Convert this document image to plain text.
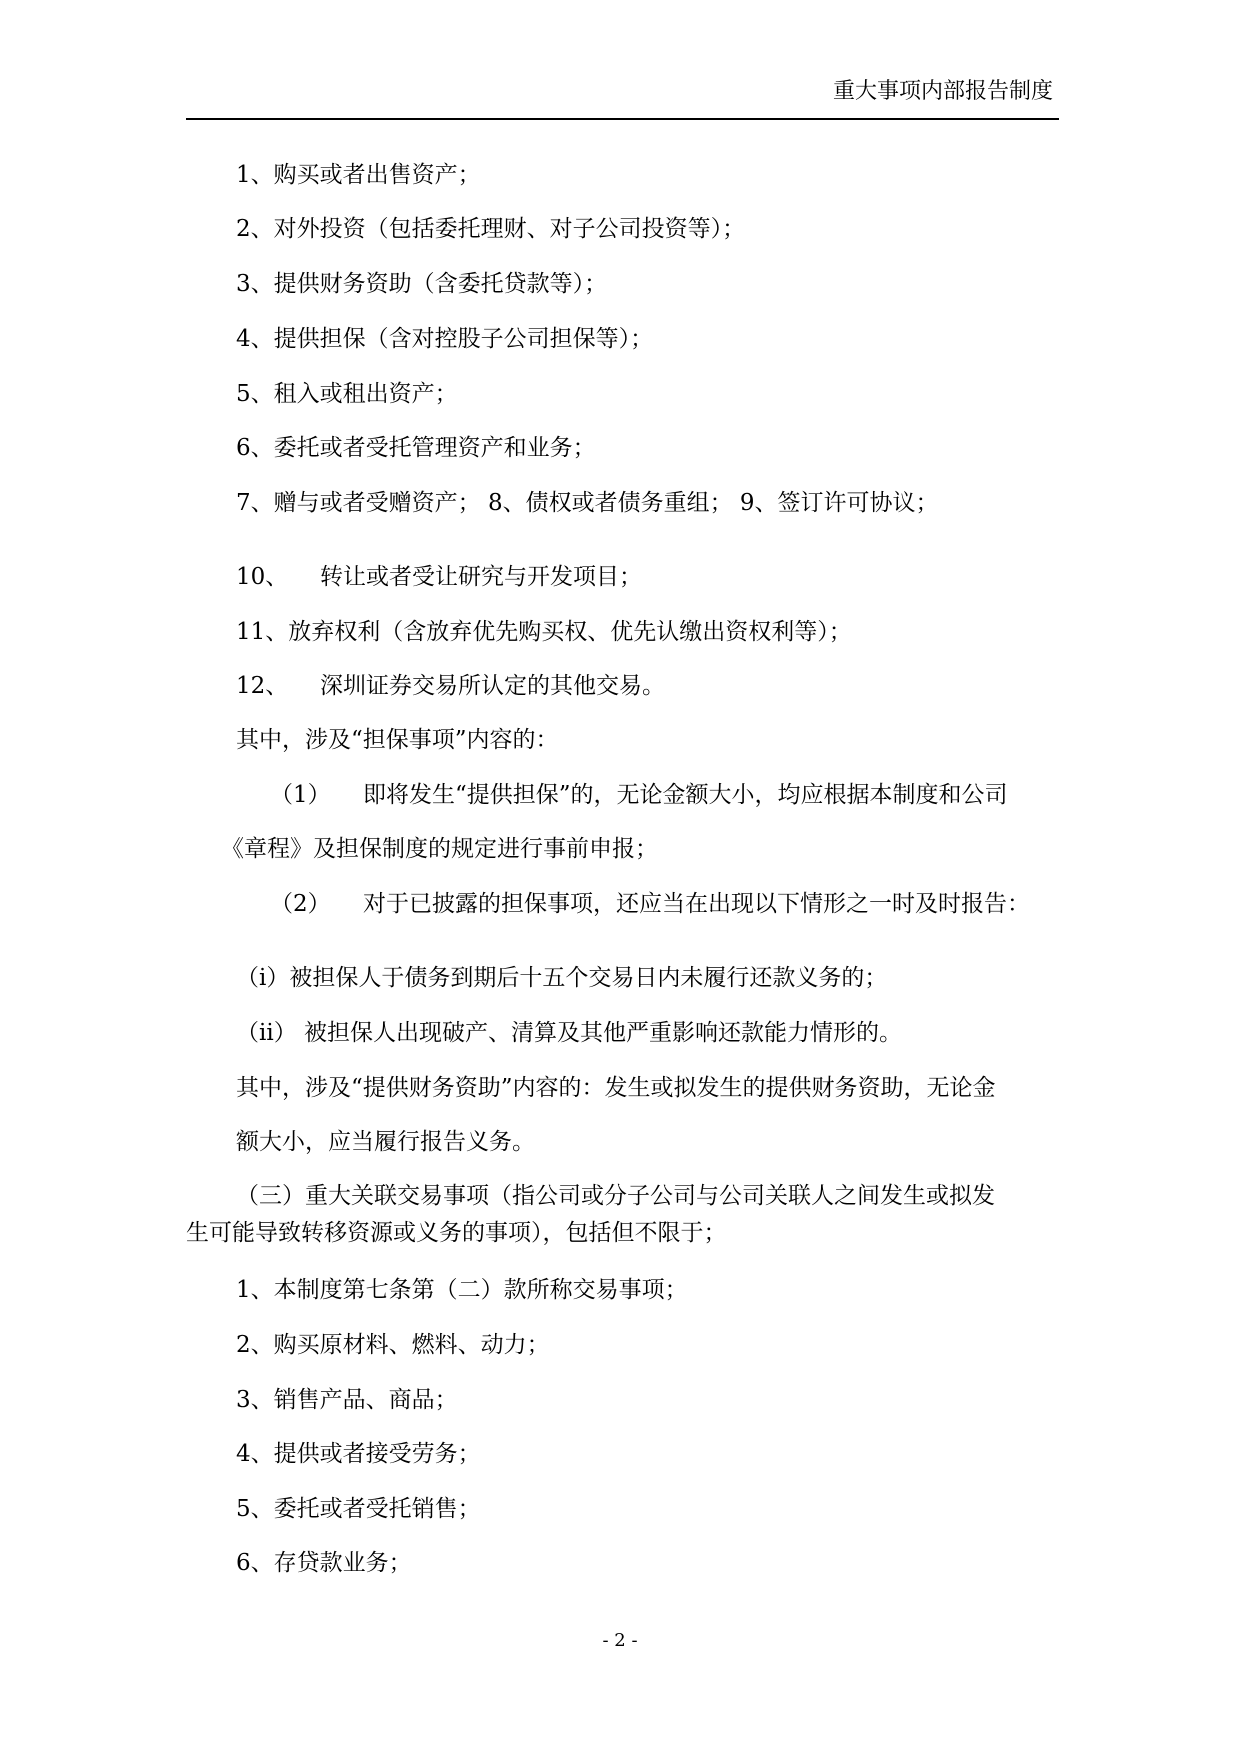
重大事项内部报告制度
1、购买或者出售资产；
2、对外投资（包括委托理财、对子公司投资等）；
3、提供财务资助（含委托贷款等）；
4、提供担保（含对控股子公司担保等）；
5、租入或租出资产；
6、委托或者受托管理资产和业务；
7、赠与或者受赠资产； 8、债权或者债务重组； 9、签订许可协议；
10、 转让或者受让研究与开发项目；
11、放弃权利（含放弃优先购买权、优先认缴出资权利等）；
12、 深圳证券交易所认定的其他交易。
其中，涉及“担保事项”内容的：
（1） 即将发生“提供担保”的，无论金额大小，均应根据本制度和公司
《章程》及担保制度的规定进行事前申报；
（2） 对于已披露的担保事项，还应当在出现以下情形之一时及时报告：
（i）被担保人于债务到期后十五个交易日内未履行还款义务的；
（ii） 被担保人出现破产、清算及其他严重影响还款能力情形的。
其中，涉及“提供财务资助”内容的：发生或拟发生的提供财务资助，无论金
额大小，应当履行报告义务。
（三）重大关联交易事项（指公司或分子公司与公司关联人之间发生或拟发
生可能导致转移资源或义务的事项），包括但不限于；
1、本制度第七条第（二）款所称交易事项；
2、购买原材料、燃料、动力；
3、销售产品、商品；
4、提供或者接受劳务；
5、委托或者受托销售；
6、存贷款业务；
- 2 -
